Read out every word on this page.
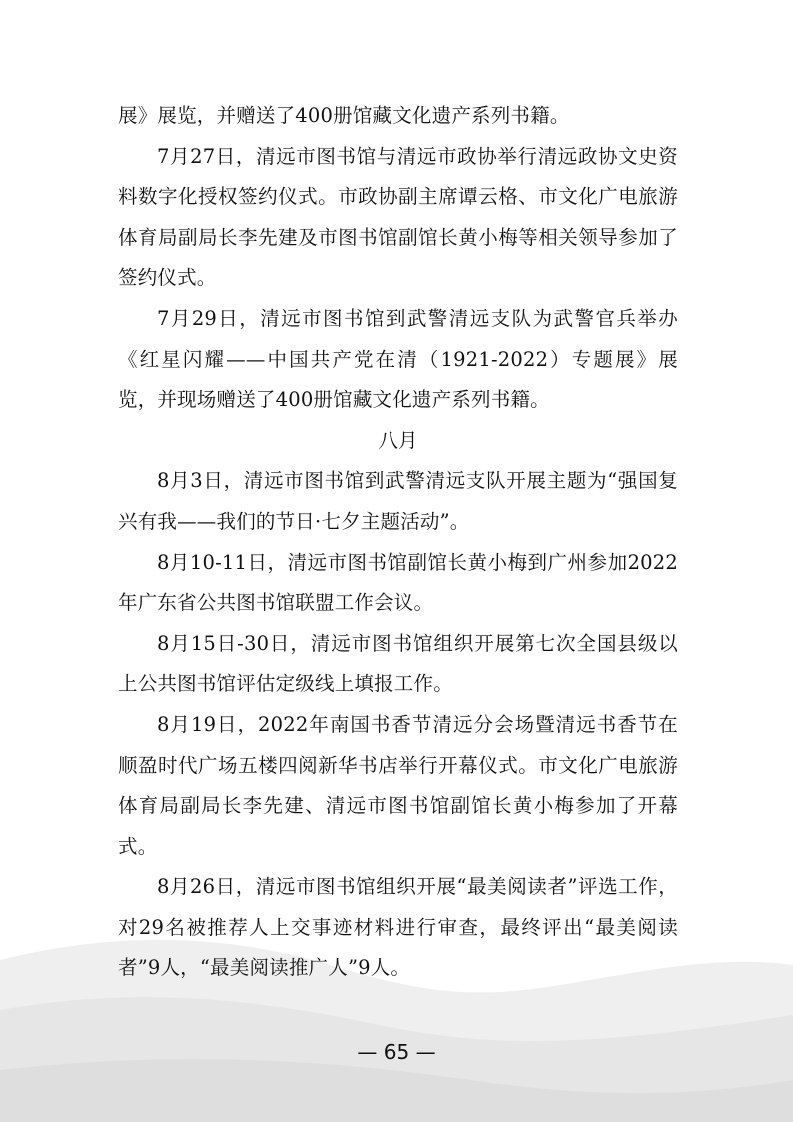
展》展览，并赠送了400册馆藏文化遗产系列书籍。

7月27日，清远市图书馆与清远市政协举行清远政协文史资料数字化授权签约仪式。市政协副主席谭云格、市文化广电旅游体育局副局长李先建及市图书馆副馆长黄小梅等相关领导参加了签约仪式。

7月29日，清远市图书馆到武警清远支队为武警官兵举办《红星闪耀——中国共产党在清（1921-2022）专题展》展览，并现场赠送了400册馆藏文化遗产系列书籍。

八月

8月3日，清远市图书馆到武警清远支队开展主题为“强国复兴有我——我们的节日·七夕主题活动”。

8月10-11日，清远市图书馆副馆长黄小梅到广州参加2022年广东省公共图书馆联盟工作会议。

8月15日-30日，清远市图书馆组织开展第七次全国县级以上公共图书馆评估定级线上填报工作。

8月19日，2022年南国书香节清远分会场暨清远书香节在顺盈时代广场五楼四阅新华书店举行开幕仪式。市文化广电旅游体育局副局长李先建、清远市图书馆副馆长黄小梅参加了开幕式。

8月26日，清远市图书馆组织开展“最美阅读者”评选工作，对29名被推荐人上交事迹材料进行审查，最终评出“最美阅读者”9人，“最美阅读推广人”9人。

— 65 —
